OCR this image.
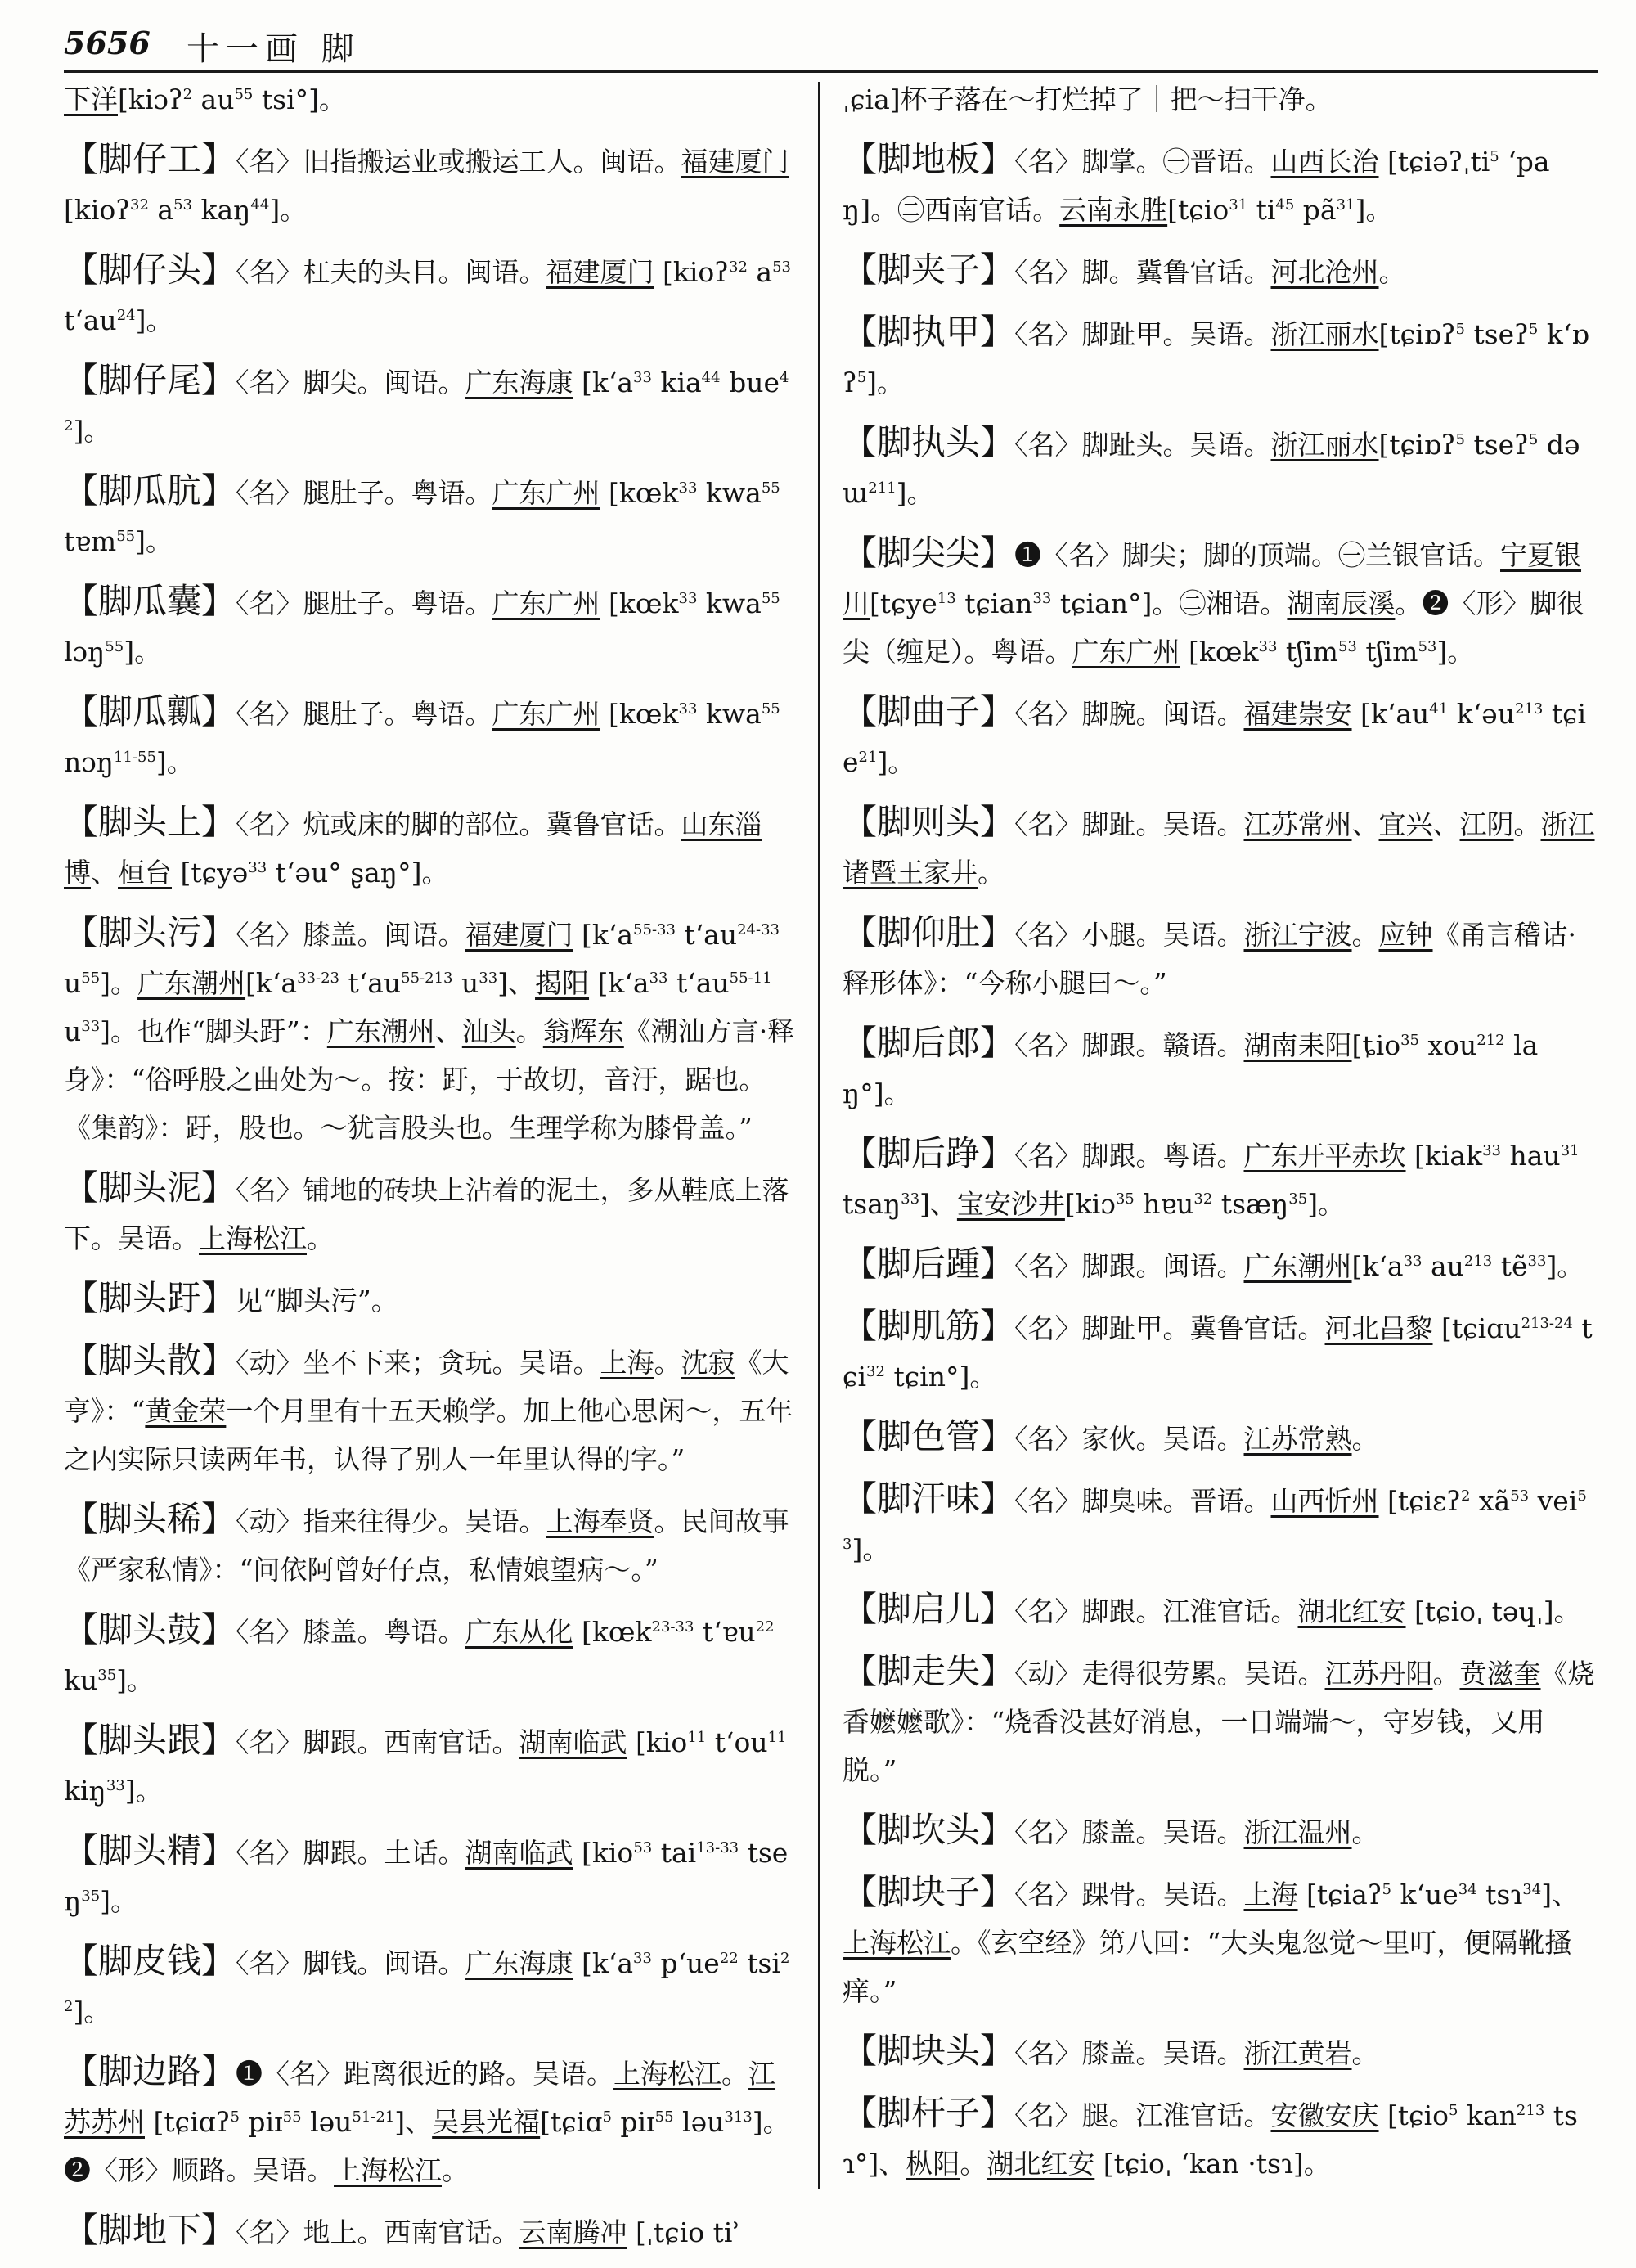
5656 十一画 脚
下洋[kiɔʔ$^2$ $au^{55}$ tsi°]。
【脚仔工】〈名〉旧指搬运业或搬运工人。闽语。福建厦门 [kioʔ$^{32}$ $a^{53}$ kaŋ$^{44}$]。
【脚仔头】〈名〉杠夫的头目。闽语。福建厦门 [kioʔ$^{32}$ $a^{53}$ tʻau$^{24}$]。
【脚仔尾】〈名〉脚尖。闽语。广东海康 [kʻa$^{33}$ kia$^{44}$ bue$^{42}$]。
【脚瓜肮】〈名〉腿肚子。粤语。广东广州 [kœk$^{33}$ kwa$^{55}$ tɐm$^{55}$]。
【脚瓜囊】〈名〉腿肚子。粤语。广东广州 [kœk$^{33}$ kwa$^{55}$ lɔŋ$^{55}$]。
【脚瓜瓤】〈名〉腿肚子。粤语。广东广州 [kœk$^{33}$ kwa$^{55}$ nɔŋ$^{11-55}$]。
【脚头上】〈名〉炕或床的脚的部位。冀鲁官话。山东淄博、桓台 [tɕyə$^{33}$ tʻəu° ʂaŋ°]。
【脚头污】〈名〉膝盖。闽语。福建厦门 [kʻa$^{55-33}$ tʻau$^{24-33}$ $u^{55}$]。广东潮州[kʻa$^{33-23}$ tʻau$^{55-213}$ $u^{33}$]、揭阳 [kʻa$^{33}$ tʻau$^{55-11}$ $u^{33}$]。也作“脚头趶”：广东潮州、汕头。翁辉东《潮汕方言·释身》：“俗呼股之曲处为～。按：趶，于故切，音汙，踞也。《集韵》：趶，股也。～犹言股头也。生理学称为膝骨盖。”
【脚头泥】〈名〉铺地的砖块上沾着的泥土，多从鞋底上落下。吴语。上海松江。
【脚头趶】见“脚头污”。
【脚头散】〈动〉坐不下来；贪玩。吴语。上海。沈寂《大亨》：“黄金荣一个月里有十五天赖学。加上他心思闲～，五年之内实际只读两年书，认得了别人一年里认得的字。”
【脚头稀】〈动〉指来往得少。吴语。上海奉贤。民间故事《严家私情》：“问依阿曾好仔点，私情娘望病～。”
【脚头鼓】〈名〉膝盖。粤语。广东从化 [kœk$^{23-33}$ tʻɐu$^{22}$ $ku^{35}$]。
【脚头跟】〈名〉脚跟。西南官话。湖南临武 [kio$^{11}$ tʻou$^{11}$ kiŋ$^{33}$]。
【脚头精】〈名〉脚跟。土话。湖南临武 [kio$^{53}$ tai$^{13-33}$ tseŋ$^{35}$]。
【脚皮钱】〈名〉脚钱。闽语。广东海康 [kʻa$^{33}$ pʻue$^{22}$ tsi$^{22}$]。
【脚边路】❶〈名〉距离很近的路。吴语。上海松江。江苏苏州 [tɕiɑʔ$^5$ piɪ$^{55}$ ləu$^{51-21}$]、吴县光福[tɕiɑ$^5$ piɪ$^{55}$ ləu$^{313}$]。❷〈形〉顺路。吴语。上海松江。
【脚地下】〈名〉地上。西南官话。云南腾冲 [ˌtɕio tiʾ
ˌɕia]杯子落在～打烂掉了｜把～扫干净。
【脚地板】〈名〉脚掌。㊀晋语。山西长治 [tɕiəʔˌti$^5$ ʻpaŋ]。㊁西南官话。云南永胜[tɕio$^{31}$ $ti^{45}$ $pã^{31}$]。
【脚夹子】〈名〉脚。冀鲁官话。河北沧州。
【脚执甲】〈名〉脚趾甲。吴语。浙江丽水[tɕiɒʔ$^5$ tseʔ$^5$ kʻɒʔ$^5$]。
【脚执头】〈名〉脚趾头。吴语。浙江丽水[tɕiɒʔ$^5$ tseʔ$^5$ dəɯ$^{211}$]。
【脚尖尖】❶〈名〉脚尖；脚的顶端。㊀兰银官话。宁夏银川[tɕye$^{13}$ tɕian$^{33}$ tɕian°]。㊁湘语。湖南辰溪。❷〈形〉脚很尖（缠足）。粤语。广东广州 [kœk$^{33}$ tʃim$^{53}$ tʃim$^{53}$]。
【脚曲子】〈名〉脚腕。闽语。福建崇安 [kʻau$^{41}$ kʻəu$^{213}$ tɕie$^{21}$]。
【脚则头】〈名〉脚趾。吴语。江苏常州、宜兴、江阴。浙江诸暨王家井。
【脚仰肚】〈名〉小腿。吴语。浙江宁波。应钟《甬言稽诂·释形体》：“今称小腿曰～。”
【脚后郎】〈名〉脚跟。赣语。湖南耒阳[ȶio$^{35}$ xou$^{212}$ laŋ°]。
【脚后踭】〈名〉脚跟。粤语。广东开平赤坎 [kiak$^{33}$ hau$^{31}$ tsaŋ$^{33}$]、宝安沙井[kiɔ$^{35}$ hɐu$^{32}$ tsæŋ$^{35}$]。
【脚后踵】〈名〉脚跟。闽语。广东潮州[kʻa$^{33}$ $au^{213}$ tẽ$^{33}$]。
【脚肌筋】〈名〉脚趾甲。冀鲁官话。河北昌黎 [tɕiɑu$^{213-24}$ tɕi$^{32}$ tɕin°]。
【脚色管】〈名〉家伙。吴语。江苏常熟。
【脚汗味】〈名〉脚臭味。晋语。山西忻州 [tɕiɛʔ$^2$ $xã^{53}$ vei$^{53}$]。
【脚启儿】〈名〉脚跟。江淮官话。湖北红安 [tɕioˌ təɥˌ]。
【脚走失】〈动〉走得很劳累。吴语。江苏丹阳。贲滋奎《烧香嬷嬷歌》：“烧香没甚好消息，一日端端～，守岁钱，又用脱。”
【脚坎头】〈名〉膝盖。吴语。浙江温州。
【脚块子】〈名〉踝骨。吴语。上海 [tɕiaʔ$^5$ kʻue$^{34}$ tsɿ$^{34}$]、上海松江。《玄空经》第八回：“大头鬼忽觉～里叮，便隔靴搔痒。”
【脚块头】〈名〉膝盖。吴语。浙江黄岩。
【脚杆子】〈名〉腿。江淮官话。安徽安庆 [tɕio$^5$ kan$^{213}$ tsɿ°]、枞阳。湖北红安 [tɕioˌ ʻkan ·tsɿ]。
